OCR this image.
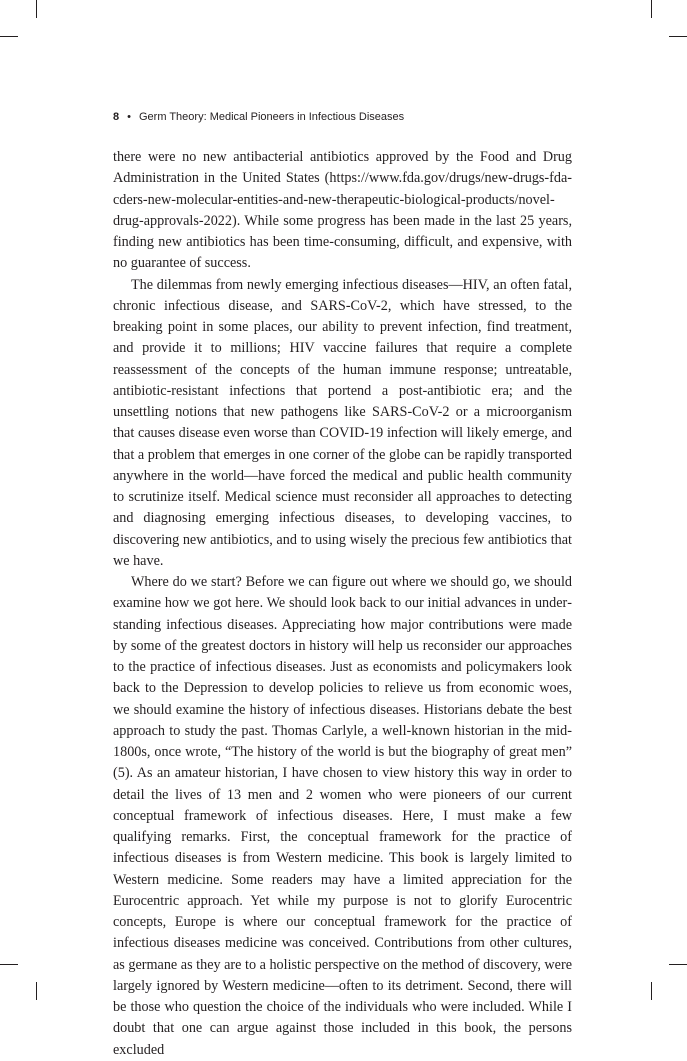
8 • Germ Theory: Medical Pioneers in Infectious Diseases

there were no new antibacterial antibiotics approved by the Food and Drug Administration in the United States (https://www.fda.gov/drugs/new-drugs-fda-cders-new-molecular-entities-and-new-therapeutic-biological-products/novel-drug-approvals-2022). While some progress has been made in the last 25 years, finding new antibiotics has been time-consuming, difficult, and expensive, with no guarantee of success.

The dilemmas from newly emerging infectious diseases—HIV, an often fatal, chronic infectious disease, and SARS-CoV-2, which have stressed, to the breaking point in some places, our ability to prevent infection, find treatment, and provide it to millions; HIV vaccine failures that require a complete reassessment of the concepts of the human immune response; untreatable, antibiotic-resistant infections that portend a post-antibiotic era; and the unsettling notions that new pathogens like SARS-CoV-2 or a microorganism that causes disease even worse than COVID-19 infection will likely emerge, and that a problem that emerges in one corner of the globe can be rapidly transported anywhere in the world—have forced the medical and public health community to scrutinize itself. Medical science must reconsider all approaches to detecting and diagnosing emerging infectious diseases, to developing vaccines, to discovering new antibiotics, and to using wisely the precious few antibiotics that we have.

Where do we start? Before we can figure out where we should go, we should examine how we got here. We should look back to our initial advances in understanding infectious diseases. Appreciating how major contributions were made by some of the greatest doctors in history will help us reconsider our approaches to the practice of infectious diseases. Just as economists and policymakers look back to the Depression to develop policies to relieve us from economic woes, we should examine the history of infectious diseases. Historians debate the best approach to study the past. Thomas Carlyle, a well-known historian in the mid-1800s, once wrote, “The history of the world is but the biography of great men” (5). As an amateur historian, I have chosen to view history this way in order to detail the lives of 13 men and 2 women who were pioneers of our current conceptual framework of infectious diseases. Here, I must make a few qualifying remarks. First, the conceptual framework for the practice of infectious diseases is from Western medicine. This book is largely limited to Western medicine. Some readers may have a limited appreciation for the Eurocentric approach. Yet while my purpose is not to glorify Eurocentric concepts, Europe is where our conceptual framework for the practice of infectious diseases medicine was conceived. Contributions from other cultures, as germane as they are to a holistic perspective on the method of discovery, were largely ignored by Western medicine—often to its detriment. Second, there will be those who question the choice of the individuals who were included. While I doubt that one can argue against those included in this book, the persons excluded
